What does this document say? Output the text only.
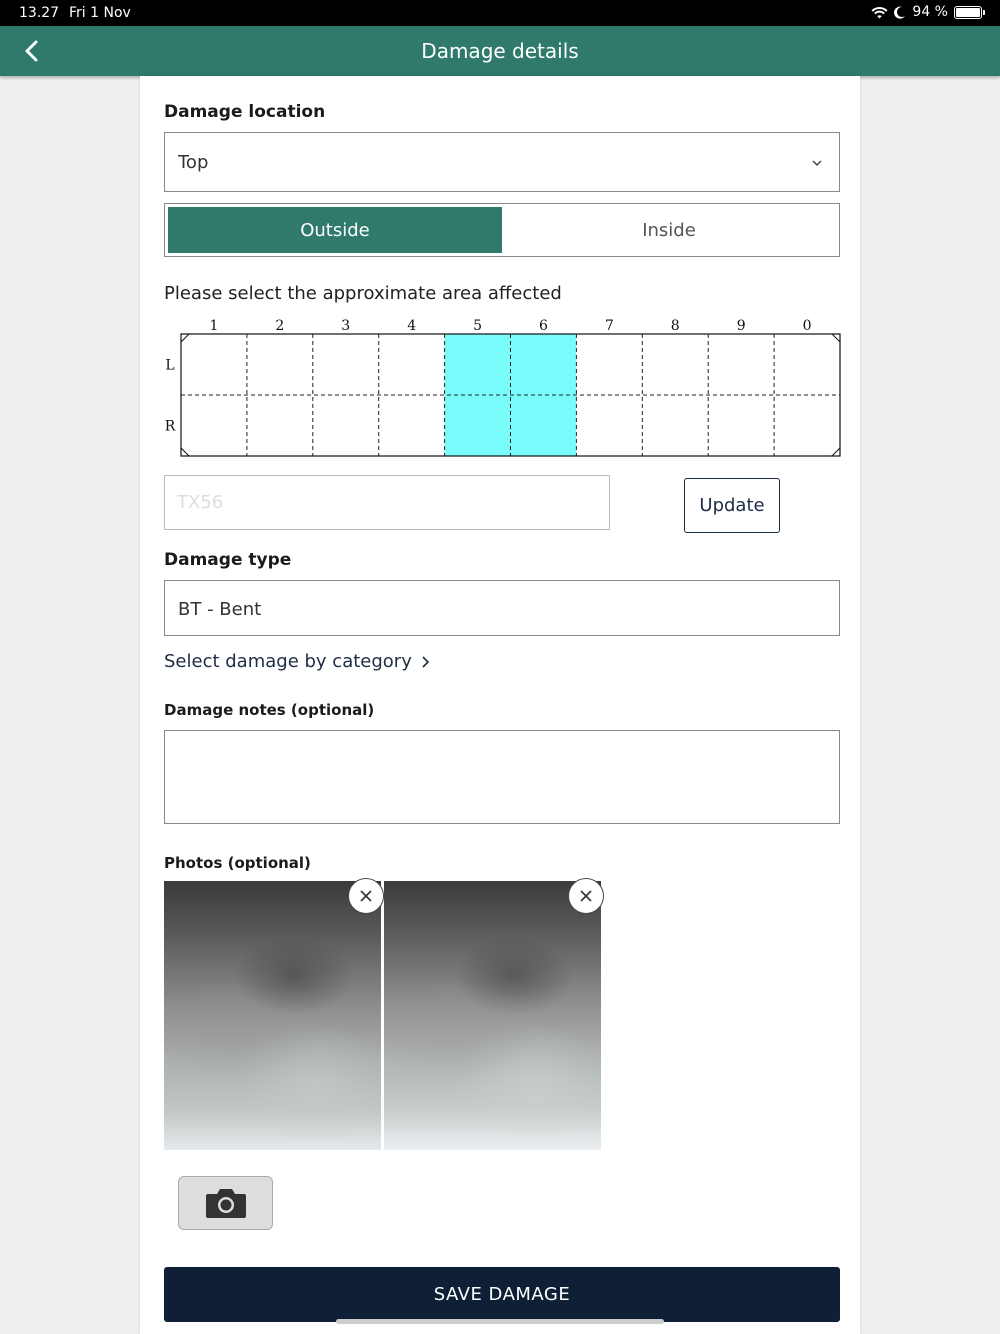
13.27 Fri 1 Nov	94 %
Damage details
Damage location
Top
Outside	Inside
Please select the approximate area affected
1	2	3	4	5	6	7	8	9	0
L
R
TX56
Update
Damage type
BT - Bent
Select damage by category
Damage notes (optional)
Photos (optional)
SAVE DAMAGE
